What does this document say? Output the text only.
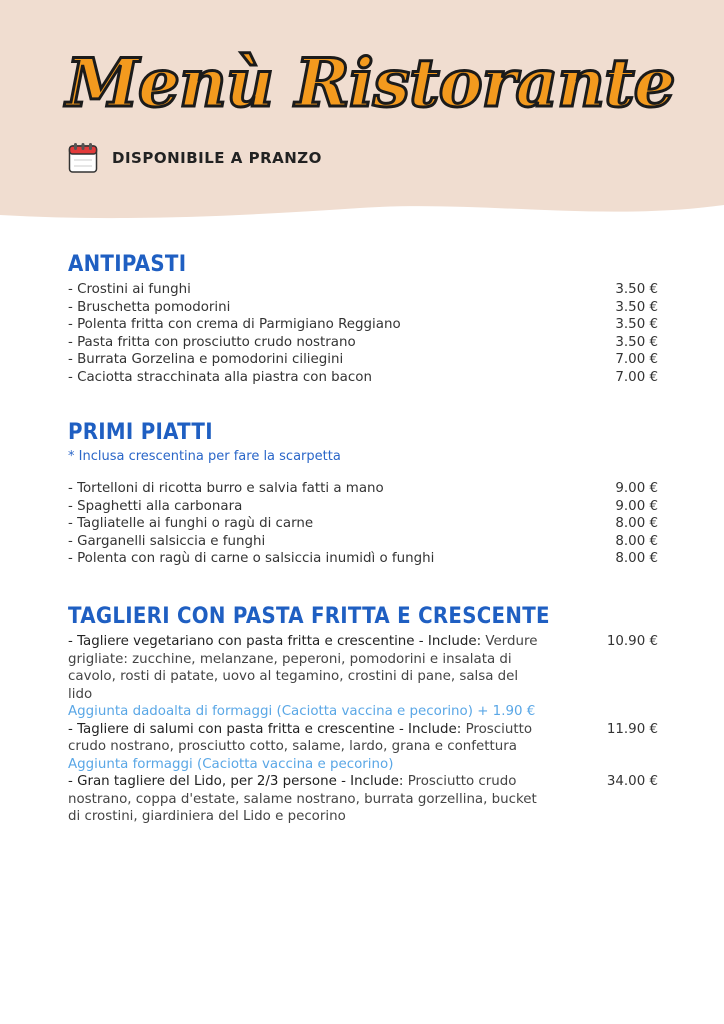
Menù Ristorante
DISPONIBILE A PRANZO
ANTIPASTI
- Crostini ai funghi	3.50 €
- Bruschetta pomodorini	3.50 €
- Polenta fritta con crema di Parmigiano Reggiano	3.50 €
- Pasta fritta con prosciutto crudo nostrano	3.50 €
- Burrata Gorzelina e pomodorini ciliegini	7.00 €
- Caciotta stracchinata alla piastra con bacon	7.00 €
PRIMI PIATTI
* Inclusa crescentina per fare la scarpetta
- Tortelloni di ricotta burro e salvia fatti a mano	9.00 €
- Spaghetti alla carbonara	9.00 €
- Tagliatelle ai funghi o ragù di carne	8.00 €
- Garganelli salsiccia e funghi	8.00 €
- Polenta con ragù di carne o salsiccia inumidì o funghi	8.00 €
TAGLIERI CON PASTA FRITTA E CRESCENTE
- Tagliere vegetariano con pasta fritta e crescentine - Include: Verdure grigliate: zucchine, melanzane, peperoni, pomodorini e insalata di cavolo, rosti di patate, uovo al tegamino, crostini di pane, salsa del lido
10.90 €
Aggiunta dadoalta di formaggi (Caciotta vaccina e pecorino) + 1.90 €
- Tagliere di salumi con pasta fritta e crescentine - Include: Prosciutto crudo nostrano, prosciutto cotto, salame, lardo, grana e confettura
11.90 €
Aggiunta formaggi (Caciotta vaccina e pecorino)
- Gran tagliere del Lido, per 2/3 persone - Include: Prosciutto crudo nostrano, coppa d'estate, salame nostrano, burrata gorzellina, bucket di crostini, giardiniera del Lido e pecorino
34.00 €
